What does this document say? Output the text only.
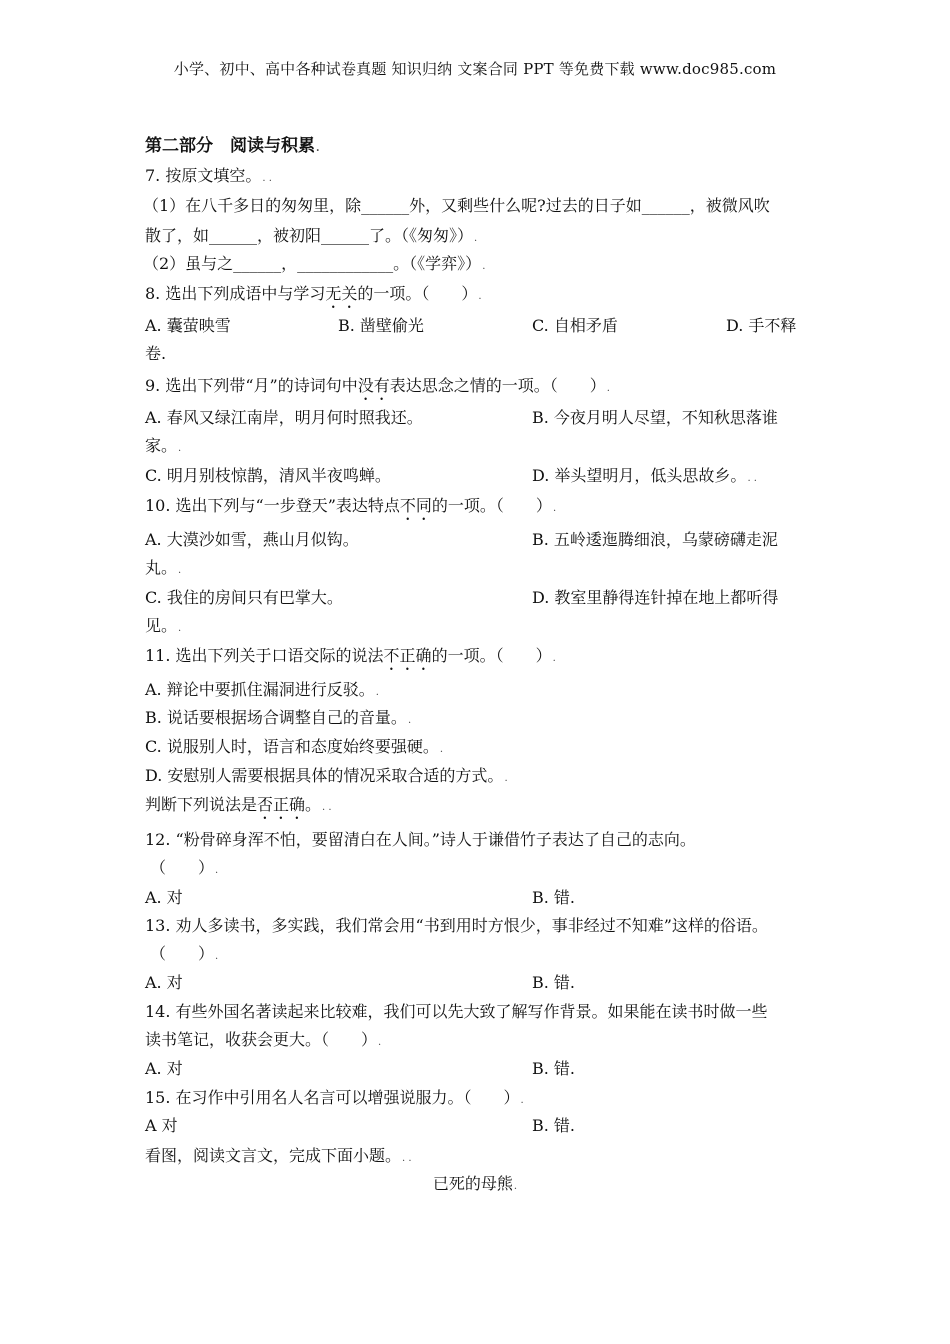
小学、初中、高中各种试卷真题 知识归纳 文案合同 PPT 等免费下载 www.doc985.com
第二部分　阅读与积累.
7. 按原文填空。. .
（1）在八千多日的匆匆里，除______外，又剩些什么呢?过去的日子如______，被微风吹
散了，如______，被初阳______了。（《匆匆》）.
（2）虽与之______，____________。（《学弈》）.
8. 选出下列成语中与学习无关的一项。（　　）.
A. 囊萤映雪	B. 凿壁偷光	C. 自相矛盾	D. 手不释
卷.
9. 选出下列带“月”的诗词句中没有表达思念之情的一项。（　　）.
A. 春风又绿江南岸，明月何时照我还。	B. 今夜月明人尽望，不知秋思落谁
家。.
C. 明月别枝惊鹊，清风半夜鸣蝉。	D. 举头望明月，低头思故乡。. .
10. 选出下列与“一步登天”表达特点不同的一项。（　　）.
A. 大漠沙如雪，燕山月似钩。	B. 五岭逶迤腾细浪，乌蒙磅礴走泥
丸。.
C. 我住的房间只有巴掌大。	D. 教室里静得连针掉在地上都听得
见。.
11. 选出下列关于口语交际的说法不正确的一项。（　　）.
A. 辩论中要抓住漏洞进行反驳。.
B. 说话要根据场合调整自己的音量。.
C. 说服别人时，语言和态度始终要强硬。.
D. 安慰别人需要根据具体的情况采取合适的方式。.
判断下列说法是否正确。. .
12. “粉骨碎身浑不怕，要留清白在人间。”诗人于谦借竹子表达了自己的志向。
（　　）.
A. 对	B. 错.
13. 劝人多读书，多实践，我们常会用“书到用时方恨少，事非经过不知难”这样的俗语。
（　　）.
A. 对	B. 错.
14. 有些外国名著读起来比较难，我们可以先大致了解写作背景。如果能在读书时做一些
读书笔记，收获会更大。（　　）.
A. 对	B. 错.
15. 在习作中引用名人名言可以增强说服力。（　　）.
A 对	B. 错.
看图，阅读文言文，完成下面小题。. .
已死的母熊.
